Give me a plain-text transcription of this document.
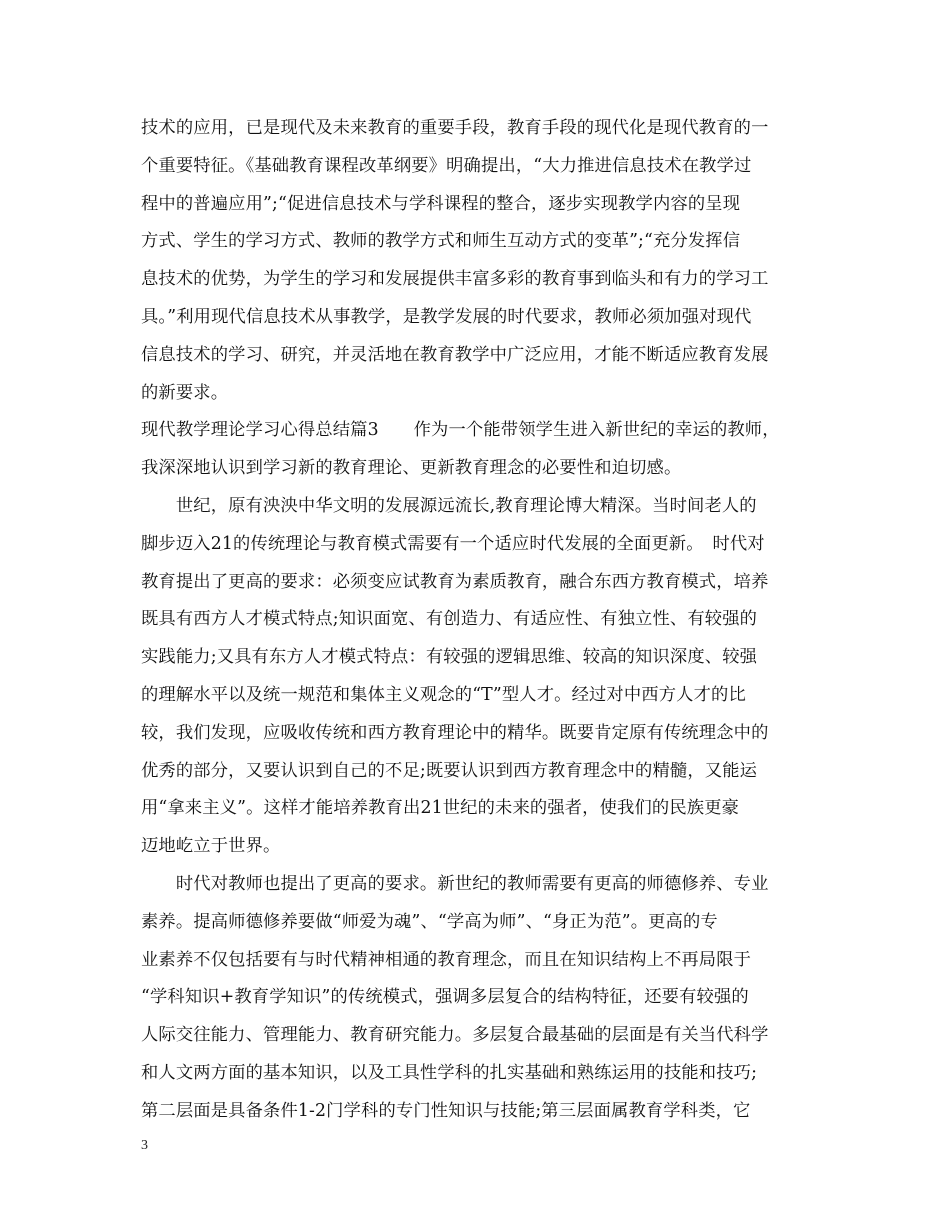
技术的应用，已是现代及未来教育的重要手段，教育手段的现代化是现代教育的一
个重要特征。《基础教育课程改革纲要》明确提出，“大力推进信息技术在教学过
程中的普遍应用”;“促进信息技术与学科课程的整合，逐步实现教学内容的呈现
方式、学生的学习方式、教师的教学方式和师生互动方式的变革”;“充分发挥信
息技术的优势，为学生的学习和发展提供丰富多彩的教育事到临头和有力的学习工
具。”利用现代信息技术从事教学，是教学发展的时代要求，教师必须加强对现代
信息技术的学习、研究，并灵活地在教育教学中广泛应用，才能不断适应教育发展
的新要求。
现代教学理论学习心得总结篇3　　作为一个能带领学生进入新世纪的幸运的教师，
我深深地认识到学习新的教育理论、更新教育理念的必要性和迫切感。
　　世纪，原有泱泱中华文明的发展源远流长,教育理论博大精深。当时间老人的
脚步迈入21的传统理论与教育模式需要有一个适应时代发展的全面更新。　时代对
教育提出了更高的要求：必须变应试教育为素质教育，融合东西方教育模式，培养
既具有西方人才模式特点;知识面宽、有创造力、有适应性、有独立性、有较强的
实践能力;又具有东方人才模式特点：有较强的逻辑思维、较高的知识深度、较强
的理解水平以及统一规范和集体主义观念的“T”型人才。经过对中西方人才的比
较，我们发现，应吸收传统和西方教育理论中的精华。既要肯定原有传统理念中的
优秀的部分，又要认识到自己的不足;既要认识到西方教育理念中的精髓，又能运
用“拿来主义”。这样才能培养教育出21世纪的未来的强者，使我们的民族更豪
迈地屹立于世界。
　　时代对教师也提出了更高的要求。新世纪的教师需要有更高的师德修养、专业
素养。提高师德修养要做“师爱为魂”、“学高为师”、“身正为范”。更高的专
业素养不仅包括要有与时代精神相通的教育理念，而且在知识结构上不再局限于
“学科知识+教育学知识”的传统模式，强调多层复合的结构特征，还要有较强的
人际交往能力、管理能力、教育研究能力。多层复合最基础的层面是有关当代科学
和人文两方面的基本知识，以及工具性学科的扎实基础和熟练运用的技能和技巧;
第二层面是具备条件1-2门学科的专门性知识与技能;第三层面属教育学科类，它
3
